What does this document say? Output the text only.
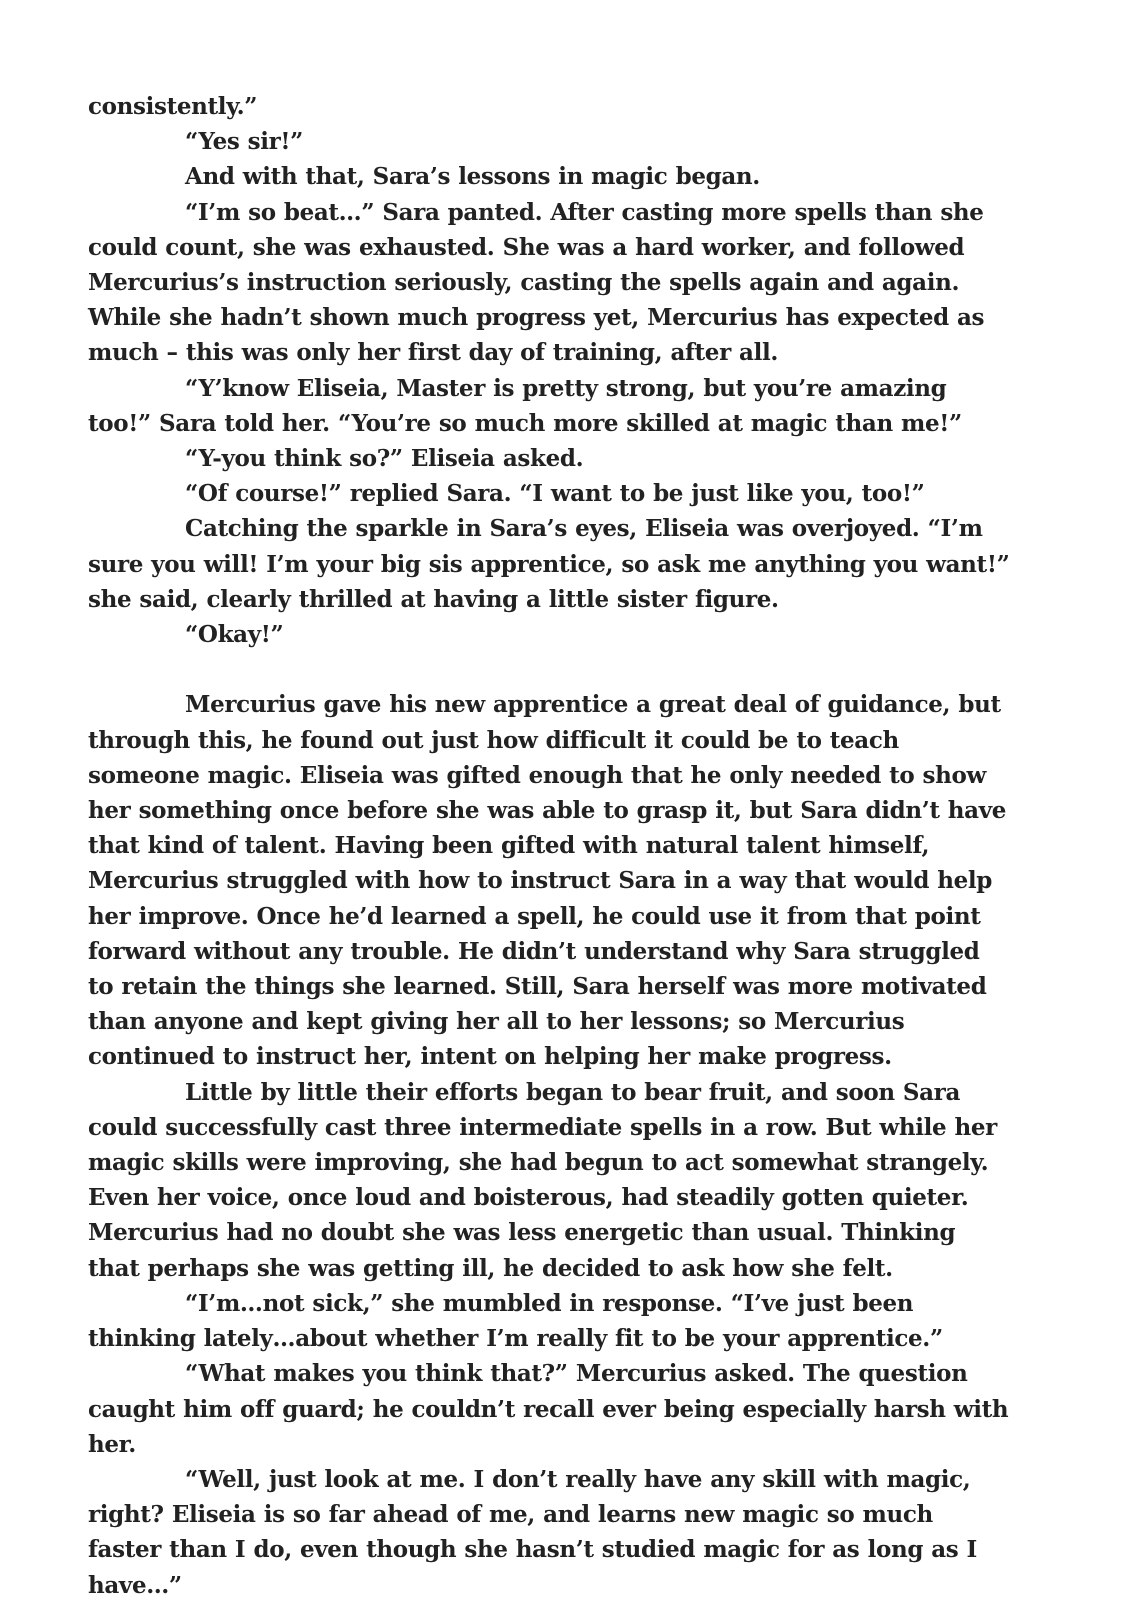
consistently.”

“Yes sir!”

And with that, Sara’s lessons in magic began.

“I’m so beat…” Sara panted. After casting more spells than she could count, she was exhausted. She was a hard worker, and followed Mercurius’s instruction seriously, casting the spells again and again. While she hadn’t shown much progress yet, Mercurius has expected as much – this was only her first day of training, after all.

“Y’know Eliseia, Master is pretty strong, but you’re amazing too!” Sara told her. “You’re so much more skilled at magic than me!”

“Y-you think so?” Eliseia asked.

“Of course!” replied Sara. “I want to be just like you, too!”

Catching the sparkle in Sara’s eyes, Eliseia was overjoyed. “I’m sure you will! I’m your big sis apprentice, so ask me anything you want!” she said, clearly thrilled at having a little sister figure.

“Okay!”

Mercurius gave his new apprentice a great deal of guidance, but through this, he found out just how difficult it could be to teach someone magic. Eliseia was gifted enough that he only needed to show her something once before she was able to grasp it, but Sara didn’t have that kind of talent. Having been gifted with natural talent himself, Mercurius struggled with how to instruct Sara in a way that would help her improve. Once he’d learned a spell, he could use it from that point forward without any trouble. He didn’t understand why Sara struggled to retain the things she learned. Still, Sara herself was more motivated than anyone and kept giving her all to her lessons; so Mercurius continued to instruct her, intent on helping her make progress.

Little by little their efforts began to bear fruit, and soon Sara could successfully cast three intermediate spells in a row. But while her magic skills were improving, she had begun to act somewhat strangely. Even her voice, once loud and boisterous, had steadily gotten quieter. Mercurius had no doubt she was less energetic than usual. Thinking that perhaps she was getting ill, he decided to ask how she felt.

“I’m…not sick,” she mumbled in response. “I’ve just been thinking lately…about whether I’m really fit to be your apprentice.”

“What makes you think that?” Mercurius asked. The question caught him off guard; he couldn’t recall ever being especially harsh with her.

“Well, just look at me. I don’t really have any skill with magic, right? Eliseia is so far ahead of me, and learns new magic so much faster than I do, even though she hasn’t studied magic for as long as I have…”
